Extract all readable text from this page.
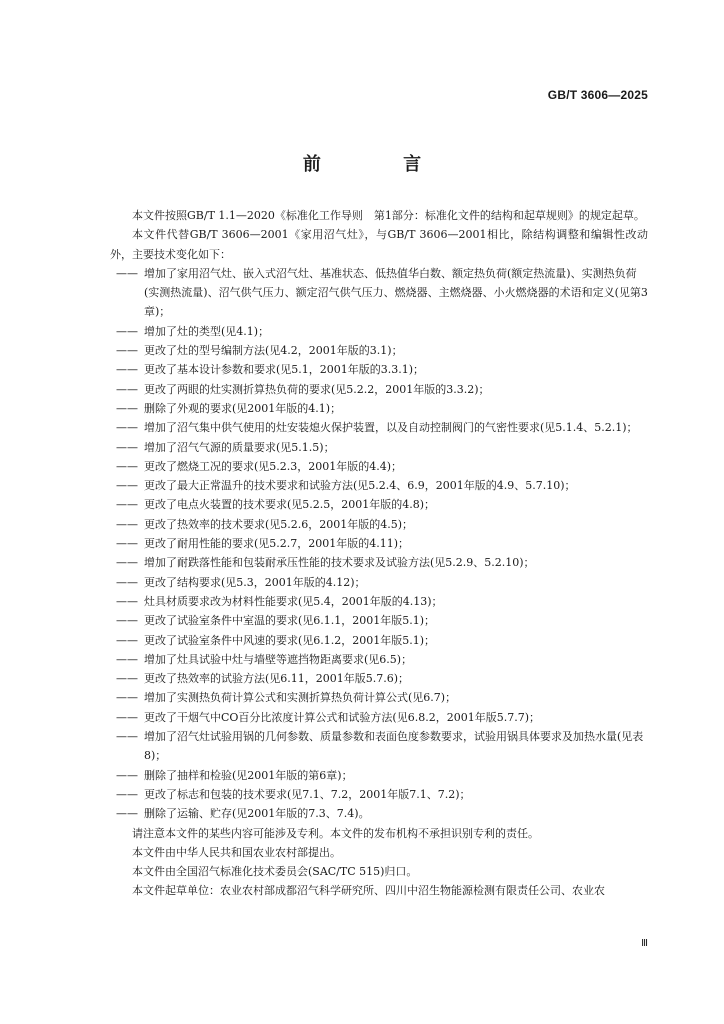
GB/T 3606—2025
前 言

本文件按照GB/T 1.1—2020《标准化工作导则　第1部分：标准化文件的结构和起草规则》的规定起草。

本文件代替GB/T 3606—2001《家用沼气灶》，与GB/T 3606—2001相比，除结构调整和编辑性改动外，主要技术变化如下：

—— 增加了家用沼气灶、嵌入式沼气灶、基准状态、低热值华白数、额定热负荷(额定热流量)、实测热负荷(实测热流量)、沼气供气压力、额定沼气供气压力、燃烧器、主燃烧器、小火燃烧器的术语和定义(见第3章)；
—— 增加了灶的类型(见4.1)；
—— 更改了灶的型号编制方法(见4.2，2001年版的3.1)；
—— 更改了基本设计参数和要求(见5.1，2001年版的3.3.1)；
—— 更改了两眼的灶实测折算热负荷的要求(见5.2.2，2001年版的3.3.2)；
—— 删除了外观的要求(见2001年版的4.1)；
—— 增加了沼气集中供气使用的灶安装熄火保护装置，以及自动控制阀门的气密性要求(见5.1.4、5.2.1)；
—— 增加了沼气气源的质量要求(见5.1.5)；
—— 更改了燃烧工况的要求(见5.2.3，2001年版的4.4)；
—— 更改了最大正常温升的技术要求和试验方法(见5.2.4、6.9，2001年版的4.9、5.7.10)；
—— 更改了电点火装置的技术要求(见5.2.5，2001年版的4.8)；
—— 更改了热效率的技术要求(见5.2.6，2001年版的4.5)；
—— 更改了耐用性能的要求(见5.2.7，2001年版的4.11)；
—— 增加了耐跌落性能和包装耐承压性能的技术要求及试验方法(见5.2.9、5.2.10)；
—— 更改了结构要求(见5.3，2001年版的4.12)；
—— 灶具材质要求改为材料性能要求(见5.4，2001年版的4.13)；
—— 更改了试验室条件中室温的要求(见6.1.1，2001年版5.1)；
—— 更改了试验室条件中风速的要求(见6.1.2，2001年版5.1)；
—— 增加了灶具试验中灶与墙壁等遮挡物距离要求(见6.5)；
—— 更改了热效率的试验方法(见6.11，2001年版5.7.6)；
—— 增加了实测热负荷计算公式和实测折算热负荷计算公式(见6.7)；
—— 更改了干烟气中CO百分比浓度计算公式和试验方法(见6.8.2，2001年版5.7.7)；
—— 增加了沼气灶试验用锅的几何参数、质量参数和表面色度参数要求，试验用锅具体要求及加热水量(见表8)；
—— 删除了抽样和检验(见2001年版的第6章)；
—— 更改了标志和包装的技术要求(见7.1、7.2，2001年版7.1、7.2)；
—— 删除了运输、贮存(见2001年版的7.3、7.4)。

请注意本文件的某些内容可能涉及专利。本文件的发布机构不承担识别专利的责任。

本文件由中华人民共和国农业农村部提出。

本文件由全国沼气标准化技术委员会(SAC/TC 515)归口。

本文件起草单位：农业农村部成都沼气科学研究所、四川中沼生物能源检测有限责任公司、农业农

Ⅲ
